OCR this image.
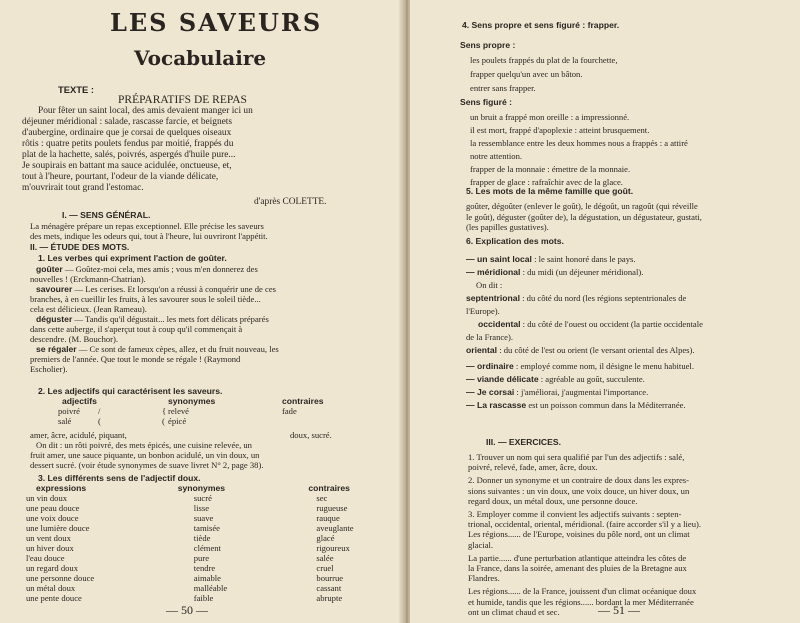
LES SAVEURS
Vocabulaire
TEXTE :
PRÉPARATIFS DE REPAS
Pour fêter un saint local, des amis devaient manger ici un
déjeuner méridional : salade, rascasse farcie, et beignets
d'aubergine, ordinaire que je corsai de quelques oiseaux
rôtis : quatre petits poulets fendus par moitié, frappés du
plat de la hachette, salés, poivrés, aspergés d'huile pure...
Je soupirais en battant ma sauce acidulée, onctueuse, et,
tout à l'heure, pourtant, l'odeur de la viande délicate,
m'ouvrirait tout grand l'estomac.
d'après COLETTE.
I. — SENS GÉNÉRAL.
La ménagère prépare un repas exceptionnel. Elle précise les saveurs
des mets, indique les odeurs qui, tout à l'heure, lui ouvriront l'appétit.
II. — ÉTUDE DES MOTS.
1. Les verbes qui expriment l'action de goûter.
goûter — Goûtez-moi cela, mes amis ; vous m'en donnerez des
nouvelles ! (Erckmann-Chatrian).
savourer — Les cerises. Et lorsqu'on a réussi à conquérir une de ces
branches, à en cueillir les fruits, à les savourer sous le soleil tiède...
cela est délicieux. (Jean Rameau).
déguster — Tandis qu'il dégustait... les mets fort délicats préparés
dans cette auberge, il s'aperçut tout à coup qu'il commençait à
descendre. (M. Bouchor).
se régaler — Ce sont de fameux cèpes, allez, et du fruit nouveau, les
premiers de l'année. Que tout le monde se régale ! (Raymond
Escholier).
2. Les adjectifs qui caractérisent les saveurs.
adjectifs	synonymes	contraires
poivré /	{ relevé	fade
salé	(	( épicé
amer, âcre, acidulé, piquant,	doux, sucré.
On dit : un rôti poivré, des mets épicés, une cuisine relevée, un
fruit amer, une sauce piquante, un bonbon acidulé, un vin doux, un
dessert sucré. (voir étude synonymes de suave livret N° 2, page 38).
3. Les différents sens de l'adjectif doux.
expressions	synonymes	contraires
un vin doux	sucré	sec
une peau douce	lisse	rugueuse
une voix douce	suave	rauque
une lumière douce	tamisée	aveuglante
un vent doux	tiède	glacé
un hiver doux	clément	rigoureux
l'eau douce	pure	salée
un regard doux	tendre	cruel
une personne douce	aimable	bourrue
un métal doux	malléable	cassant
une pente douce	faible	abrupte
— 50 —
4. Sens propre et sens figuré : frapper.
Sens propre :
les poulets frappés du plat de la fourchette,
frapper quelqu'un avec un bâton.
entrer sans frapper.
Sens figuré :
un bruit a frappé mon oreille : a impressionné.
il est mort, frappé d'apoplexie : atteint brusquement.
la ressemblance entre les deux hommes nous a frappés : a attiré
notre attention.
frapper de la monnaie : émettre de la monnaie.
frapper de glace : rafraîchir avec de la glace.
5. Les mots de la même famille que goût.
goûter, dégoûter (enlever le goût), le dégoût, un ragoût (qui réveille
le goût), déguster (goûter de), la dégustation, un dégustateur, gustati,
(les papilles gustatives).
6. Explication des mots.
— un saint local : le saint honoré dans le pays.
— méridional : du midi (un déjeuner méridional).
On dit :
septentrional : du côté du nord (les régions septentrionales de
l'Europe).
occidental : du côté de l'ouest ou occident (la partie occidentale
de la France).
oriental : du côté de l'est ou orient (le versant oriental des Alpes).
— ordinaire : employé comme nom, il désigne le menu habituel.
— viande délicate : agréable au goût, succulente.
— Je corsai : j'améliorai, j'augmentai l'importance.
— La rascasse est un poisson commun dans la Méditerranée.
III. — EXERCICES.
1. Trouver un nom qui sera qualifié par l'un des adjectifs : salé,
poivré, relevé, fade, amer, âcre, doux.
2. Donner un synonyme et un contraire de doux dans les expres-
sions suivantes : un vin doux, une voix douce, un hiver doux, un
regard doux, un métal doux, une personne douce.
3. Employer comme il convient les adjectifs suivants : septen-
trional, occidental, oriental, méridional. (faire accorder s'il y a lieu).
Les régions...... de l'Europe, voisines du pôle nord, ont un climat
glacial.
La partie...... d'une perturbation atlantique atteindra les côtes de
la France, dans la soirée, amenant des pluies de la Bretagne aux
Flandres.
Les régions...... de la France, jouissent d'un climat océanique doux
et humide, tandis que les régions...... bordant la mer Méditerranée
ont un climat chaud et sec.	— 51 —
